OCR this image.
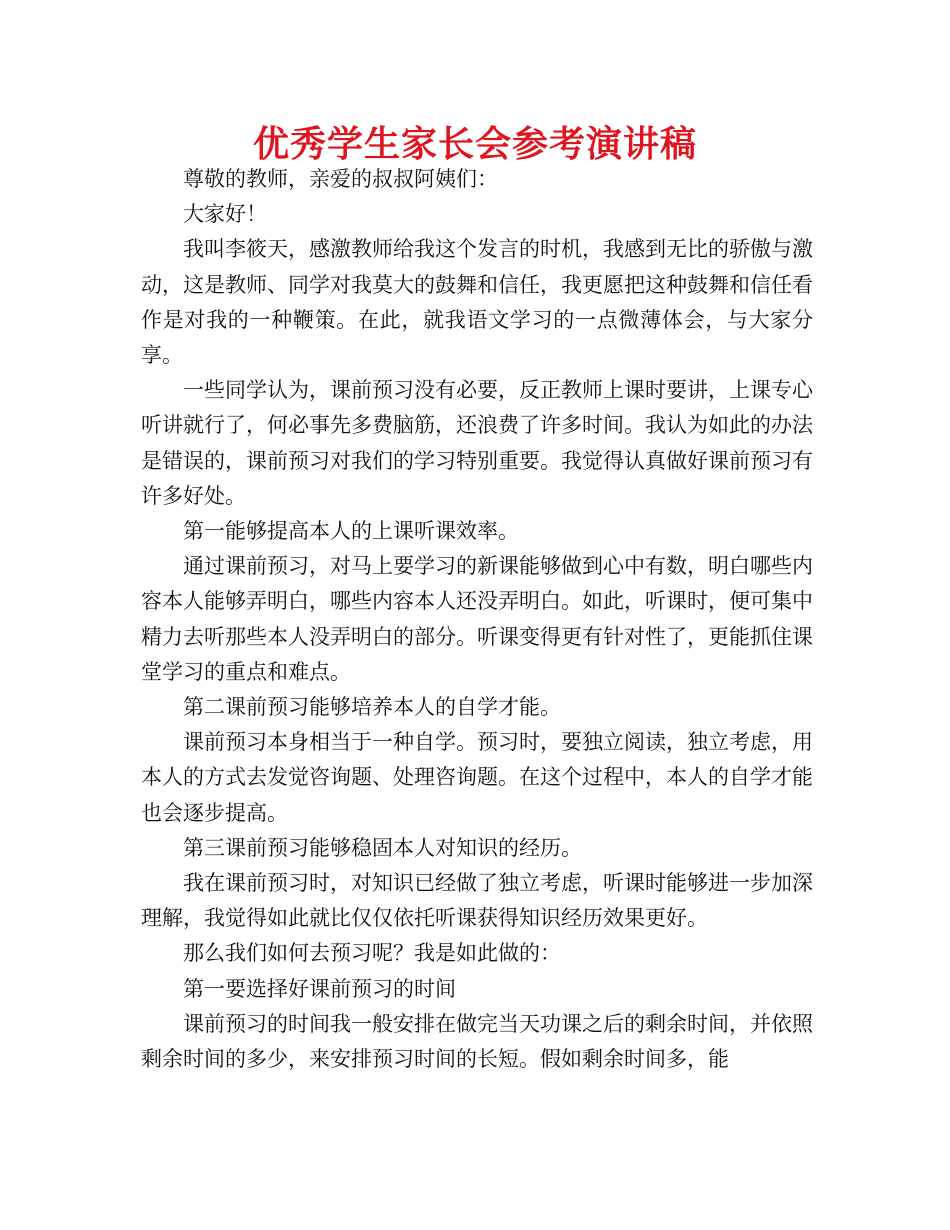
优秀学生家长会参考演讲稿

尊敬的教师，亲爱的叔叔阿姨们：

大家好！

我叫李筱天，感激教师给我这个发言的时机，我感到无比的骄傲与激动，这是教师、同学对我莫大的鼓舞和信任，我更愿把这种鼓舞和信任看作是对我的一种鞭策。在此，就我语文学习的一点微薄体会，与大家分享。

一些同学认为，课前预习没有必要，反正教师上课时要讲，上课专心听讲就行了，何必事先多费脑筋，还浪费了许多时间。我认为如此的办法是错误的，课前预习对我们的学习特别重要。我觉得认真做好课前预习有许多好处。

第一能够提高本人的上课听课效率。

通过课前预习，对马上要学习的新课能够做到心中有数，明白哪些内容本人能够弄明白，哪些内容本人还没弄明白。如此，听课时，便可集中精力去听那些本人没弄明白的部分。听课变得更有针对性了，更能抓住课堂学习的重点和难点。

第二课前预习能够培养本人的自学才能。

课前预习本身相当于一种自学。预习时，要独立阅读，独立考虑，用本人的方式去发觉咨询题、处理咨询题。在这个过程中，本人的自学才能也会逐步提高。

第三课前预习能够稳固本人对知识的经历。

我在课前预习时，对知识已经做了独立考虑，听课时能够进一步加深理解，我觉得如此就比仅仅依托听课获得知识经历效果更好。

那么我们如何去预习呢？我是如此做的：

第一要选择好课前预习的时间

课前预习的时间我一般安排在做完当天功课之后的剩余时间，并依照剩余时间的多少，来安排预习时间的长短。假如剩余时间多，能
